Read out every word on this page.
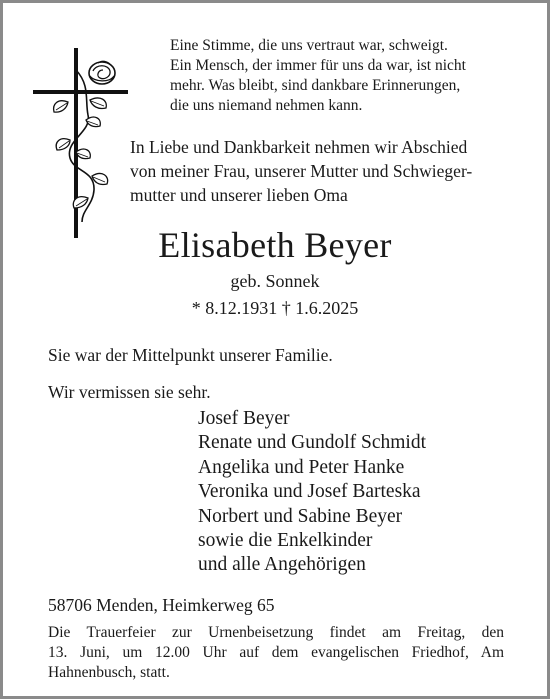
Eine Stimme, die uns vertraut war, schweigt.
Ein Mensch, der immer für uns da war, ist nicht
mehr. Was bleibt, sind dankbare Erinnerungen,
die uns niemand nehmen kann.
In Liebe und Dankbarkeit nehmen wir Abschied
von meiner Frau, unserer Mutter und Schwieger-
mutter und unserer lieben Oma
Elisabeth Beyer
geb. Sonnek
* 8.12.1931 † 1.6.2025
Sie war der Mittelpunkt unserer Familie.
Wir vermissen sie sehr.
Josef Beyer
Renate und Gundolf Schmidt
Angelika und Peter Hanke
Veronika und Josef Barteska
Norbert und Sabine Beyer
sowie die Enkelkinder
und alle Angehörigen
58706 Menden, Heimkerweg 65
Die Trauerfeier zur Urnenbeisetzung findet am Freitag, den
13. Juni, um 12.00 Uhr auf dem evangelischen Friedhof, Am
Hahnenbusch, statt.
